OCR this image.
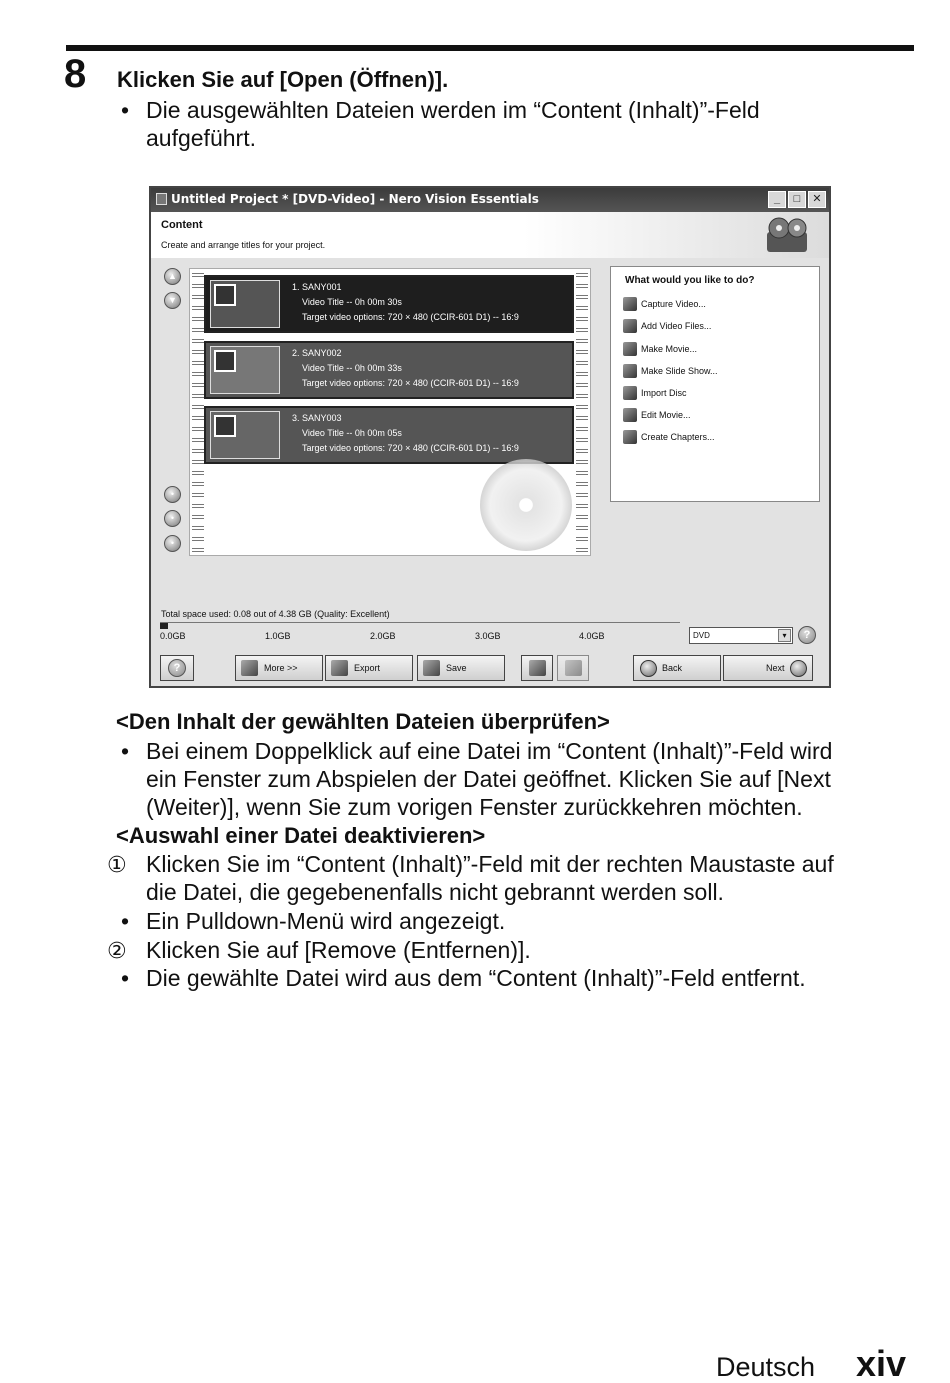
8 Klicken Sie auf [Open (Öffnen)].
• Die ausgewählten Dateien werden im “Content (Inhalt)”-Feld
aufgeführt.
Untitled Project * [DVD-Video] - Nero Vision Essentials	_	□	✕
Content
Create and arrange titles for your project.
▲
▼
•
•
•
1. SANY001
Video Title -- 0h 00m 30s
Target video options: 720 × 480 (CCIR-601 D1) -- 16:9
2. SANY002
Video Title -- 0h 00m 33s
Target video options: 720 × 480 (CCIR-601 D1) -- 16:9
3. SANY003
Video Title -- 0h 00m 05s
Target video options: 720 × 480 (CCIR-601 D1) -- 16:9
What would you like to do?
Capture Video...
Add Video Files...
Make Movie...
Make Slide Show...
Import Disc
Edit Movie...
Create Chapters...
Total space used: 0.08 out of 4.38 GB (Quality: Excellent)
0.0GB	1.0GB	2.0GB	3.0GB	4.0GB	DVD	▾	?
?	More >>	Export	Save	Back	Next
<Den Inhalt der gewählten Dateien überprüfen>
• Bei einem Doppelklick auf eine Datei im “Content (Inhalt)”-Feld wird
ein Fenster zum Abspielen der Datei geöffnet. Klicken Sie auf [Next
(Weiter)], wenn Sie zum vorigen Fenster zurückkehren möchten.
<Auswahl einer Datei deaktivieren>
① Klicken Sie im “Content (Inhalt)”-Feld mit der rechten Maustaste auf
die Datei, die gegebenenfalls nicht gebrannt werden soll.
• Ein Pulldown-Menü wird angezeigt.
② Klicken Sie auf [Remove (Entfernen)].
• Die gewählte Datei wird aus dem “Content (Inhalt)”-Feld entfernt.
Deutsch xiv
